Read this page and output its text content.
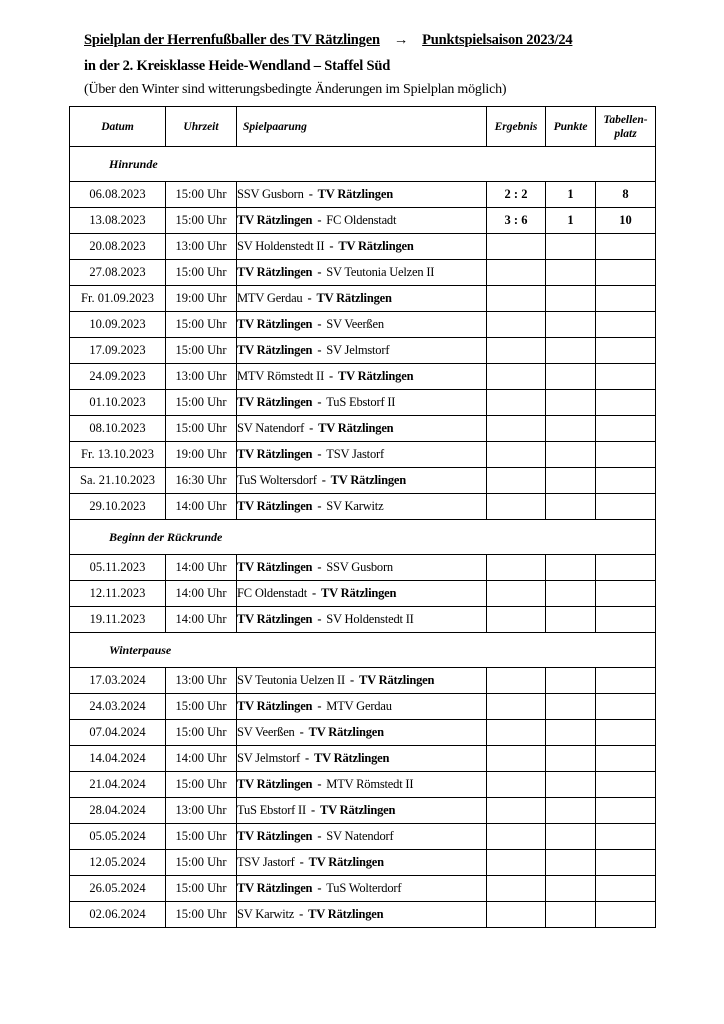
Spielplan der Herrenfußballer des TV Rätzlingen → Punktspielsaison 2023/24
in der 2. Kreisklasse Heide-Wendland – Staffel Süd
(Über den Winter sind witterungsbedingte Änderungen im Spielplan möglich)
Datum	Uhrzeit	Spielpaarung	Ergebnis	Punkte	Tabellen-
platz
Hinrunde					
06.08.2023	15:00 Uhr	SSV Gusborn - TV Rätzlingen	2 : 2	1	8
13.08.2023	15:00 Uhr	TV Rätzlingen - FC Oldenstadt	3 : 6	1	10
20.08.2023	13:00 Uhr	SV Holdenstedt II - TV Rätzlingen			
27.08.2023	15:00 Uhr	TV Rätzlingen - SV Teutonia Uelzen II			
Fr. 01.09.2023	19:00 Uhr	MTV Gerdau - TV Rätzlingen			
10.09.2023	15:00 Uhr	TV Rätzlingen - SV Veerßen			
17.09.2023	15:00 Uhr	TV Rätzlingen - SV Jelmstorf			
24.09.2023	13:00 Uhr	MTV Römstedt II - TV Rätzlingen			
01.10.2023	15:00 Uhr	TV Rätzlingen - TuS Ebstorf II			
08.10.2023	15:00 Uhr	SV Natendorf - TV Rätzlingen			
Fr. 13.10.2023	19:00 Uhr	TV Rätzlingen - TSV Jastorf			
Sa. 21.10.2023	16:30 Uhr	TuS Woltersdorf - TV Rätzlingen			
29.10.2023	14:00 Uhr	TV Rätzlingen - SV Karwitz			
Beginn der Rückrunde					
05.11.2023	14:00 Uhr	TV Rätzlingen - SSV Gusborn			
12.11.2023	14:00 Uhr	FC Oldenstadt - TV Rätzlingen			
19.11.2023	14:00 Uhr	TV Rätzlingen - SV Holdenstedt II			
Winterpause					
17.03.2024	13:00 Uhr	SV Teutonia Uelzen II - TV Rätzlingen			
24.03.2024	15:00 Uhr	TV Rätzlingen - MTV Gerdau			
07.04.2024	15:00 Uhr	SV Veerßen - TV Rätzlingen			
14.04.2024	14:00 Uhr	SV Jelmstorf - TV Rätzlingen			
21.04.2024	15:00 Uhr	TV Rätzlingen - MTV Römstedt II			
28.04.2024	13:00 Uhr	TuS Ebstorf II - TV Rätzlingen			
05.05.2024	15:00 Uhr	TV Rätzlingen - SV Natendorf			
12.05.2024	15:00 Uhr	TSV Jastorf - TV Rätzlingen			
26.05.2024	15:00 Uhr	TV Rätzlingen - TuS Wolterdorf			
02.06.2024	15:00 Uhr	SV Karwitz - TV Rätzlingen			
